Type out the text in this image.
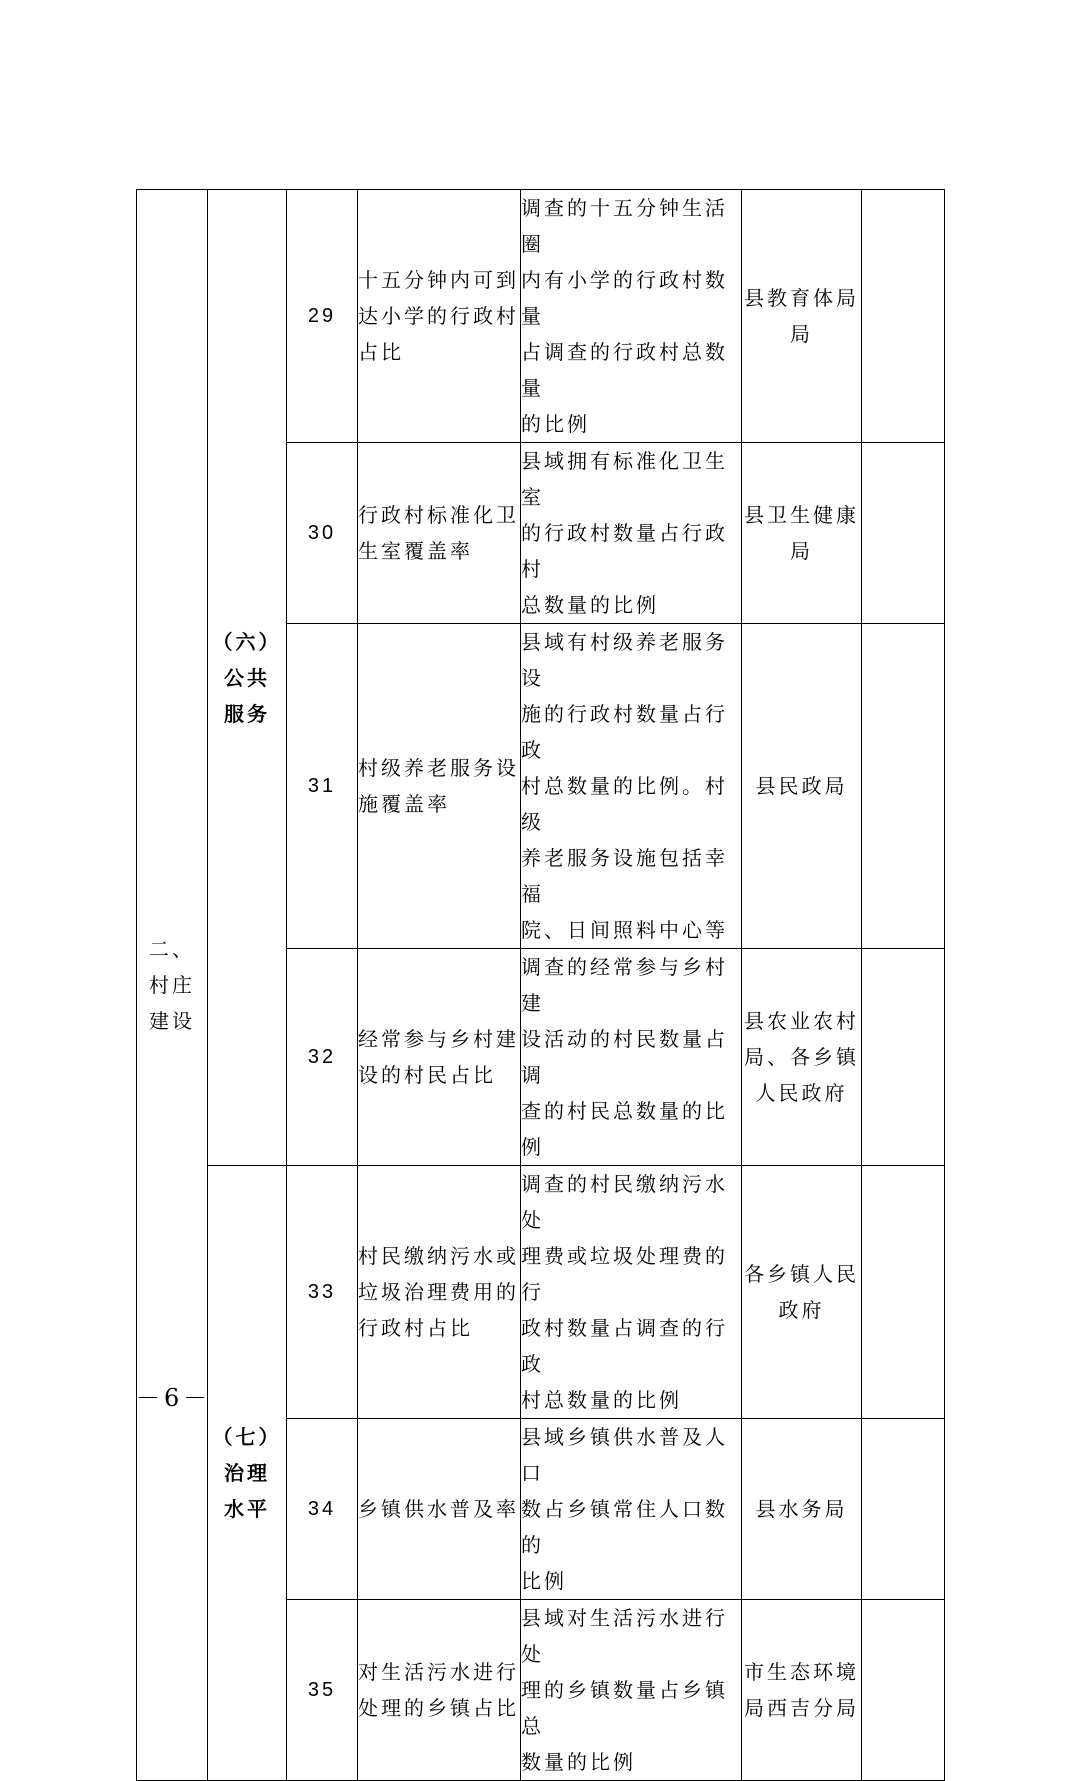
二、
村庄
建设	（六）
公共
服务	29	十五分钟内可到
达小学的行政村
占比	调查的十五分钟生活圈
内有小学的行政村数量
占调查的行政村总数量
的比例	县教育体局局	

		30	行政村标准化卫
生室覆盖率	县域拥有标准化卫生室
的行政村数量占行政村
总数量的比例	县卫生健康局	

		31	村级养老服务设
施覆盖率	县域有村级养老服务设
施的行政村数量占行政
村总数量的比例。村级
养老服务设施包括幸福
院、日间照料中心等	县民政局	

		32	经常参与乡村建
设的村民占比	调查的经常参与乡村建
设活动的村民数量占调
查的村民总数量的比例	县农业农村
局、各乡镇
人民政府	

	（七）
治理
水平	33	村民缴纳污水或
垃圾治理费用的
行政村占比	调查的村民缴纳污水处
理费或垃圾处理费的行
政村数量占调查的行政
村总数量的比例	各乡镇人民
政府	

		34	乡镇供水普及率	县域乡镇供水普及人口
数占乡镇常住人口数的
比例	县水务局	

		35	对生活污水进行
处理的乡镇占比	县域对生活污水进行处
理的乡镇数量占乡镇总
数量的比例	市生态环境
局西吉分局	

－6－
